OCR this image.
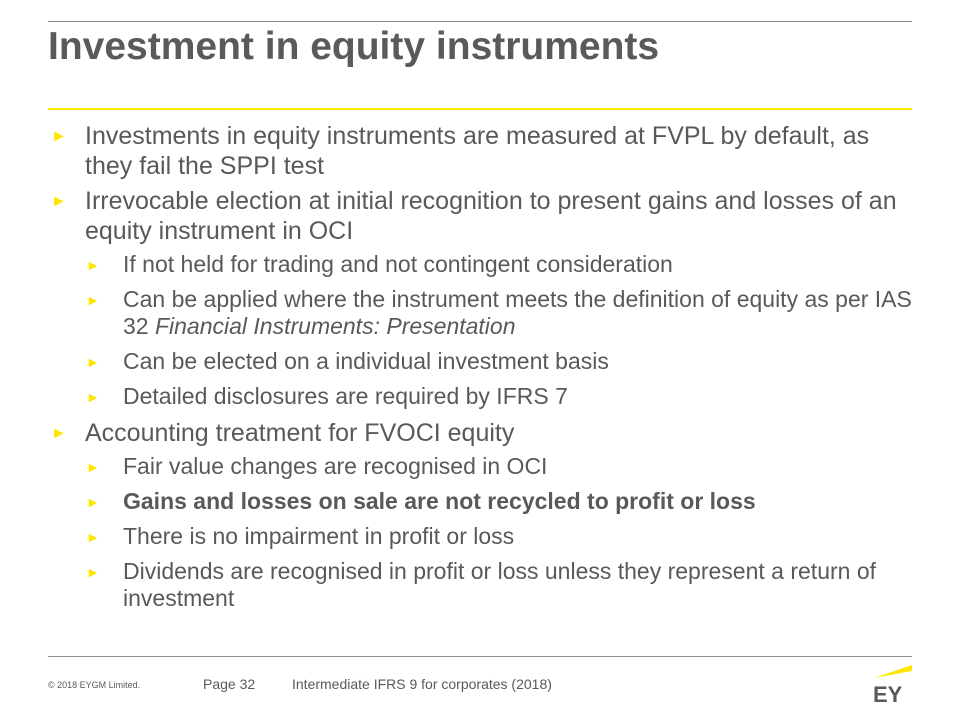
Investment in equity instruments
► Investments in equity instruments are measured at FVPL by default, as they fail the SPPI test
► Irrevocable election at initial recognition to present gains and losses of an equity instrument in OCI
► If not held for trading and not contingent consideration
► Can be applied where the instrument meets the definition of equity as per IAS 32 Financial Instruments: Presentation
► Can be elected on a individual investment basis
► Detailed disclosures are required by IFRS 7
► Accounting treatment for FVOCI equity
► Fair value changes are recognised in OCI
► Gains and losses on sale are not recycled to profit or loss
► There is no impairment in profit or loss
► Dividends are recognised in profit or loss unless they represent a return of investment
© 2018 EYGM Limited.	Page 32	Intermediate IFRS 9 for corporates (2018)	EY
